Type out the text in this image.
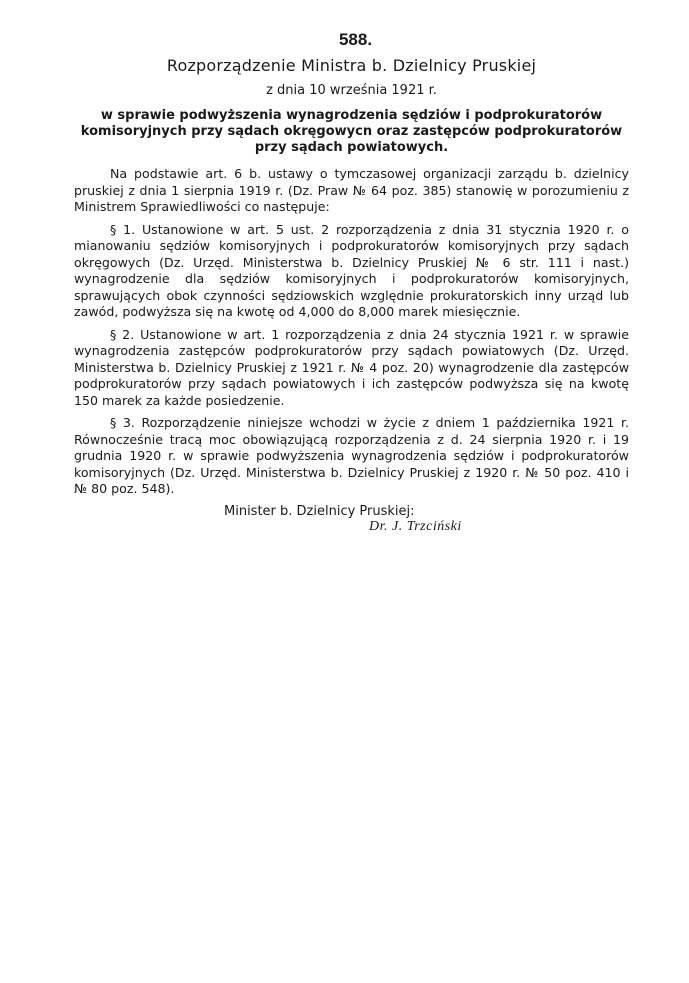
588.
Rozporządzenie Ministra b. Dzielnicy Pruskiej
z dnia 10 września 1921 r.
w sprawie podwyższenia wynagrodzenia sędziów i podprokuratorów komisoryjnych przy sądach okręgowycn oraz zastępców podprokuratorów przy sądach powiatowych.

Na podstawie art. 6 b. ustawy o tymczasowej organizacji zarządu b. dzielnicy pruskiej z dnia 1 sierpnia 1919 r. (Dz. Praw № 64 poz. 385) stanowię w porozumieniu z Ministrem Sprawiedliwości co następuje:

§ 1. Ustanowione w art. 5 ust. 2 rozporządzenia z dnia 31 stycznia 1920 r. o mianowaniu sędziów komisoryjnych i podprokuratorów komisoryjnych przy sądach okręgowych (Dz. Urzęd. Ministerstwa b. Dzielnicy Pruskiej № 6 str. 111 i nast.) wynagrodzenie dla sędziów komisoryjnych i podprokuratorów komisoryjnych, sprawujących obok czynności sędziowskich względnie prokuratorskich inny urząd lub zawód, podwyższa się na kwotę od 4,000 do 8,000 marek miesięcznie.

§ 2. Ustanowione w art. 1 rozporządzenia z dnia 24 stycznia 1921 r. w sprawie wynagrodzenia zastępców podprokuratorów przy sądach powiatowych (Dz. Urzęd. Ministerstwa b. Dzielnicy Pruskiej z 1921 r. № 4 poz. 20) wynagrodzenie dla zastępców podprokuratorów przy sądach powiatowych i ich zastępców podwyższa się na kwotę 150 marek za każde posiedzenie.

§ 3. Rozporządzenie niniejsze wchodzi w życie z dniem 1 października 1921 r. Równocześnie tracą moc obowiązującą rozporządzenia z d. 24 sierpnia 1920 r. i 19 grudnia 1920 r. w sprawie podwyższenia wynagrodzenia sędziów i podprokuratorów komisoryjnych (Dz. Urzęd. Ministerstwa b. Dzielnicy Pruskiej z 1920 r. № 50 poz. 410 i № 80 poz. 548).

Minister b. Dzielnicy Pruskiej:
Dr. J. Trzciński
